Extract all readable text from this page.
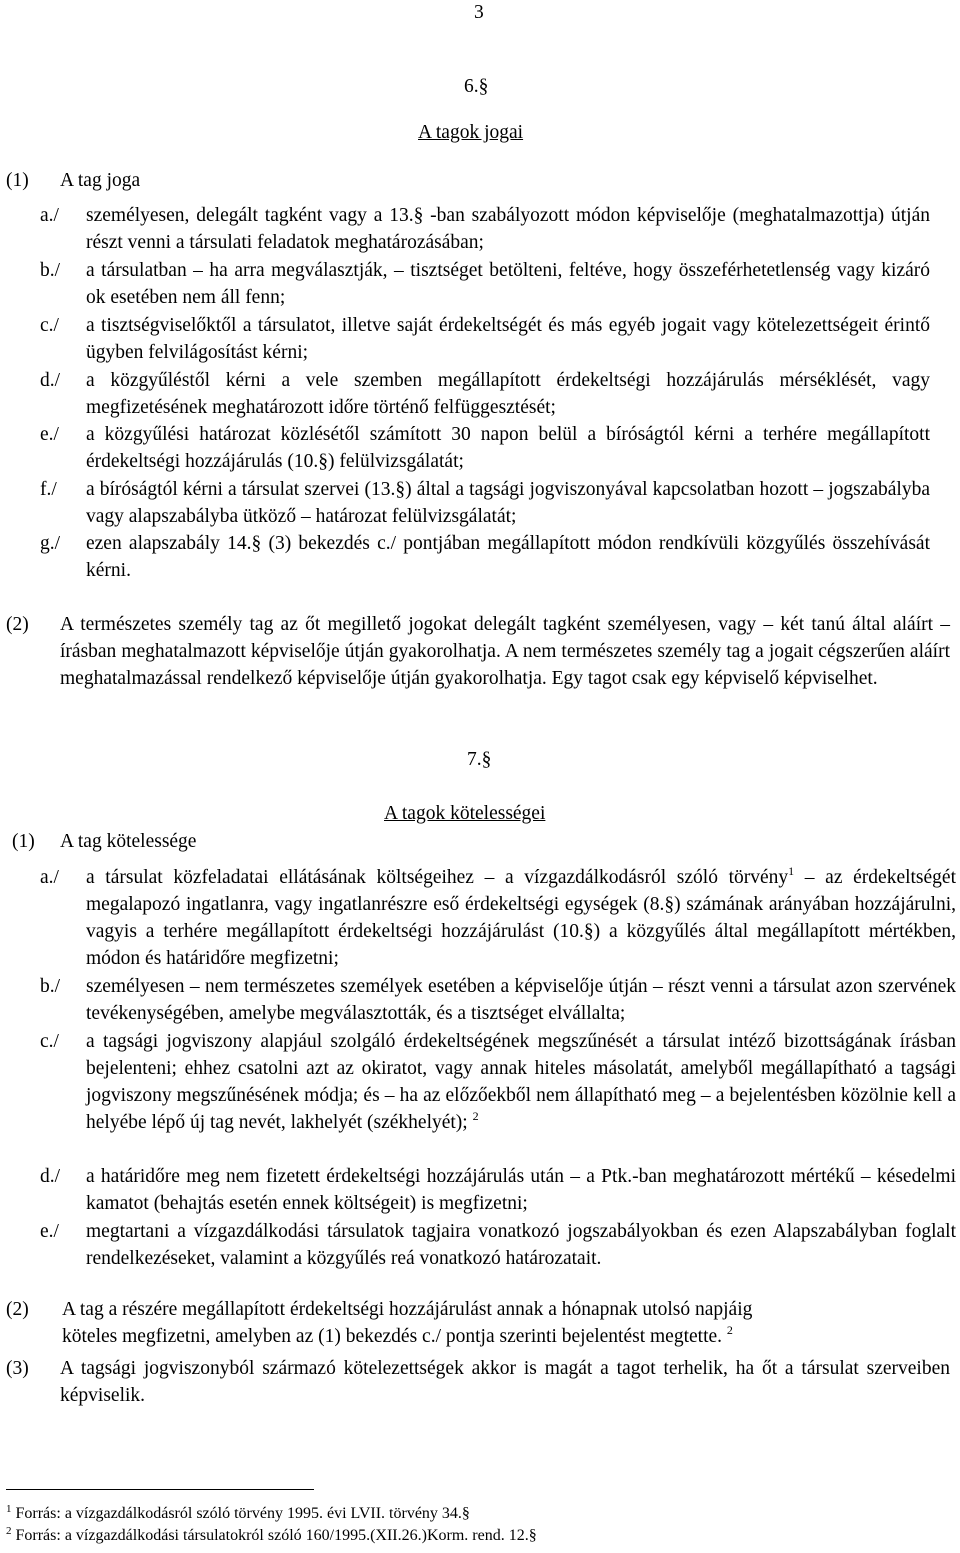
3
6.§
A tagok jogai
(1) A tag joga
a./ személyesen, delegált tagként vagy a 13.§ -ban szabályozott módon képviselője (meghatalmazottja) útján részt venni a társulati feladatok meghatározásában;
b./ a társulatban – ha arra megválasztják, – tisztséget betölteni, feltéve, hogy összeférhetetlenség vagy kizáró ok esetében nem áll fenn;
c./ a tisztségviselőktől a társulatot, illetve saját érdekeltségét és más egyéb jogait vagy kötelezettségeit érintő ügyben felvilágosítást kérni;
d./ a közgyűléstől kérni a vele szemben megállapított érdekeltségi hozzájárulás mérséklését, vagy megfizetésének meghatározott időre történő felfüggesztését;
e./ a közgyűlési határozat közlésétől számított 30 napon belül a bíróságtól kérni a terhére megállapított érdekeltségi hozzájárulás (10.§) felülvizsgálatát;
f./ a bíróságtól kérni a társulat szervei (13.§) által a tagsági jogviszonyával kapcsolatban hozott – jogszabályba vagy alapszabályba ütköző – határozat felülvizsgálatát;
g./ ezen alapszabály 14.§ (3) bekezdés c./ pontjában megállapított módon rendkívüli közgyűlés összehívását kérni.
(2) A természetes személy tag az őt megillető jogokat delegált tagként személyesen, vagy – két tanú által aláírt – írásban meghatalmazott képviselője útján gyakorolhatja. A nem természetes személy tag a jogait cégszerűen aláírt meghatalmazással rendelkező képviselője útján gyakorolhatja. Egy tagot csak egy képviselő képviselhet.
7.§
A tagok kötelességei
(1) A tag kötelessége
a./ a társulat közfeladatai ellátásának költségeihez – a vízgazdálkodásról szóló törvény$^1$ – az érdekeltségét megalapozó ingatlanra, vagy ingatlanrészre eső érdekeltségi egységek (8.§) számának arányában hozzájárulni, vagyis a terhére megállapított érdekeltségi hozzájárulást (10.§) a közgyűlés által megállapított mértékben, módon és határidőre megfizetni;
b./ személyesen – nem természetes személyek esetében a képviselője útján – részt venni a társulat azon szervének tevékenységében, amelybe megválasztották, és a tisztséget elvállalta;
c./ a tagsági jogviszony alapjául szolgáló érdekeltségének megszűnését a társulat intéző bizottságának írásban bejelenteni; ehhez csatolni azt az okiratot, vagy annak hiteles másolatát, amelyből megállapítható a tagsági jogviszony megszűnésének módja; és – ha az előzőekből nem állapítható meg – a bejelentésben közölnie kell a helyébe lépő új tag nevét, lakhelyét (székhelyét); $^2$
d./ a határidőre meg nem fizetett érdekeltségi hozzájárulás után – a Ptk.-ban meghatározott mértékű – késedelmi kamatot (behajtás esetén ennek költségeit) is megfizetni;
e./ megtartani a vízgazdálkodási társulatok tagjaira vonatkozó jogszabályokban és ezen Alapszabályban foglalt rendelkezéseket, valamint a közgyűlés reá vonatkozó határozatait.
(2) A tag a részére megállapított érdekeltségi hozzájárulást annak a hónapnak utolsó napjáig
köteles megfizetni, amelyben az (1) bekezdés c./ pontja szerinti bejelentést megtette. $^2$
(3) A tagsági jogviszonyból származó kötelezettségek akkor is magát a tagot terhelik, ha őt a társulat szerveiben képviselik.
$^1$ Forrás: a vízgazdálkodásról szóló törvény 1995. évi LVII. törvény 34.§
$^2$ Forrás: a vízgazdálkodási társulatokról szóló 160/1995.(XII.26.)Korm. rend. 12.§
